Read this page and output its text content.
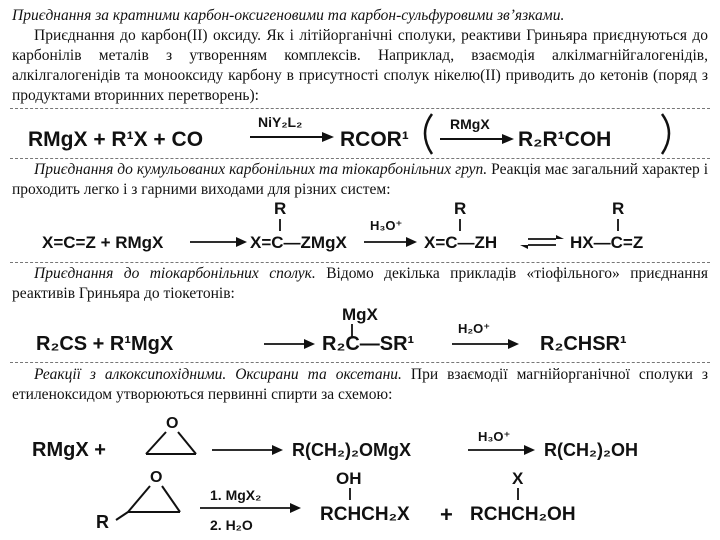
Приєднання за кратними карбон-оксигеновими та карбон-сульфуровими зв’язками.
Приєднання до карбон(ІІ) оксиду. Як і літійорганічні сполуки, реактиви Гриньяра приєднуються до карбонілів металів з утворенням комплексів. Наприклад, взаємодія алкілмагнійгалогенідів, алкілгалогенідів та монооксиду карбону в присутності сполук нікелю(ІІ) приводить до кетонів (поряд з продуктами вторинних перетворень):
RMgX + R¹X + CO
NiY₂L₂
RCOR¹
RMgX
R₂R¹COH
Приєднання до кумульованих карбонільних та тіокарбонільних груп. Реакція має загальний характер і проходить легко і з гарними виходами для різних систем:
R	R	R
X=C=Z + RMgX	X=C—ZMgX
H₃O⁺
X=C—ZH	HX—C=Z
Приєднання до тіокарбонільних сполук. Відомо декілька прикладів «тіофільного» приєднання реактивів Гриньяра до тіокетонів:
MgX
R₂CS + R¹MgX	R₂C—SR¹
H₂O⁺
R₂CHSR¹
Реакції з алкоксипохідними. Оксирани та оксетани. При взаємодії магнійорганічної сполуки з етиленоксидом утворюються первинні спирти за схемою:
RMgX +
O
R(CH₂)₂OMgX
H₃O⁺
R(CH₂)₂OH
O
R
1. MgX₂
2. H₂O
OH
RCHCH₂X +
X
RCHCH₂OH
